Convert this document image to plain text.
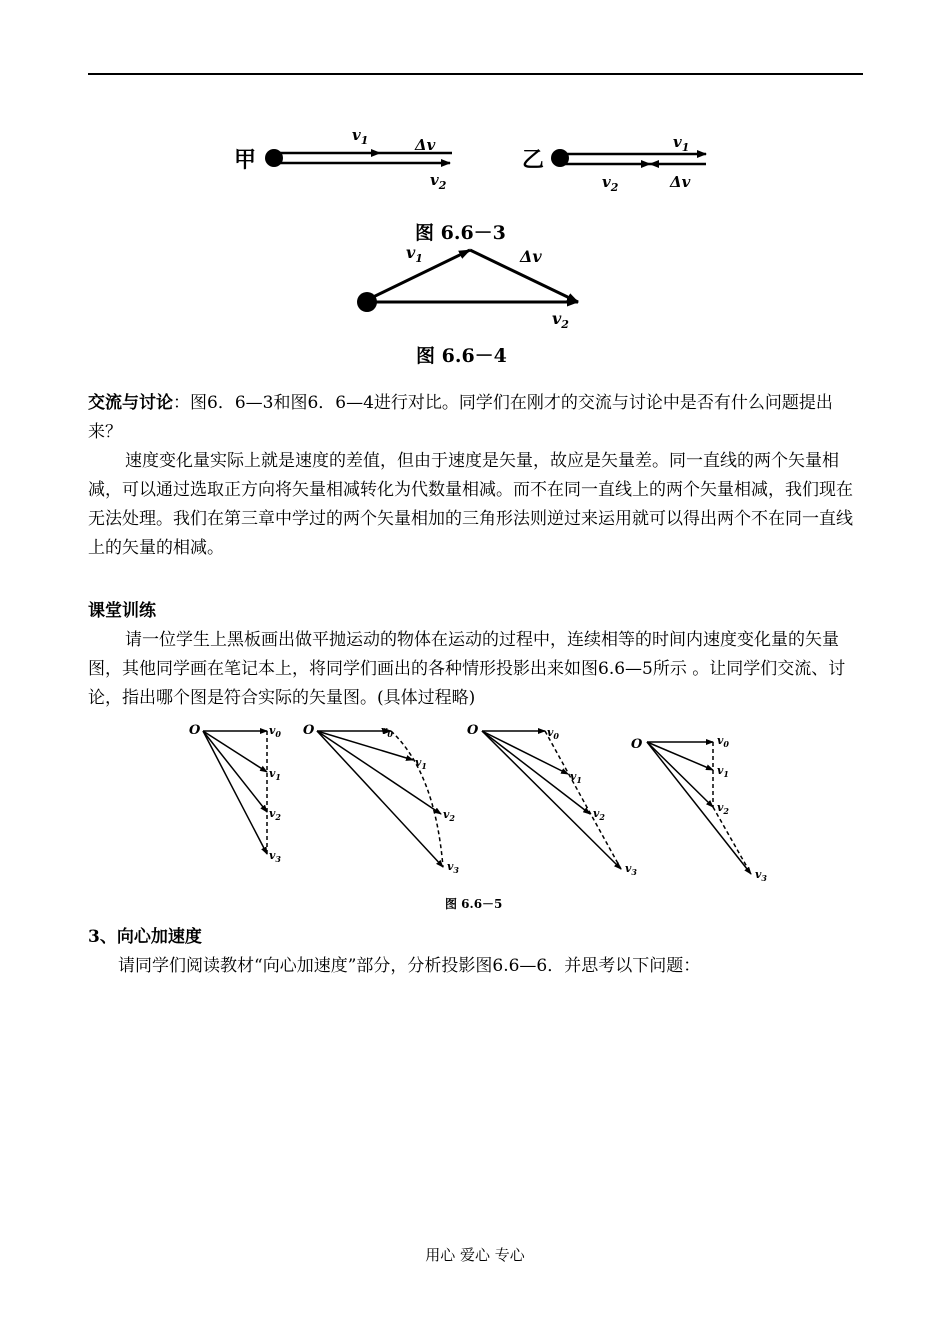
甲
$v_1$	Δv
$v_2$
乙
$v_1$
$v_2$	Δv
图 6.6－3
$v_1$	Δv
$v_2$
图 6.6－4

交流与讨论：图6．6—3和图6．6—4进行对比。同学们在刚才的交流与讨论中是否有什么问题提出来？

速度变化量实际上就是速度的差值，但由于速度是矢量，故应是矢量差。同一直线的两个矢量相减，可以通过选取正方向将矢量相减转化为代数量相减。而不在同一直线上的两个矢量相减，我们现在无法处理。我们在第三章中学过的两个矢量相加的三角形法则逆过来运用就可以得出两个不在同一直线上的矢量的相减。

课堂训练
请一位学生上黑板画出做平抛运动的物体在运动的过程中，连续相等的时间内速度变化量的矢量图，其他同学画在笔记本上，将同学们画出的各种情形投影出来如图6.6—5所示 。让同学们交流、讨论，指出哪个图是符合实际的矢量图。(具体过程略)
O	$v_0$
$v_1$
$v_2$
$v_3$
O	$v_0$
$v_1$
$v_2$
$v_3$
O	$v_0$
$v_1$
$v_2$
$v_3$
O	$v_0$
$v_1$
$v_2$
$v_3$
图 6.6－5
3、向心加速度
请同学们阅读教材“向心加速度”部分，分析投影图6.6—6．并思考以下问题：
用心 爱心 专心
